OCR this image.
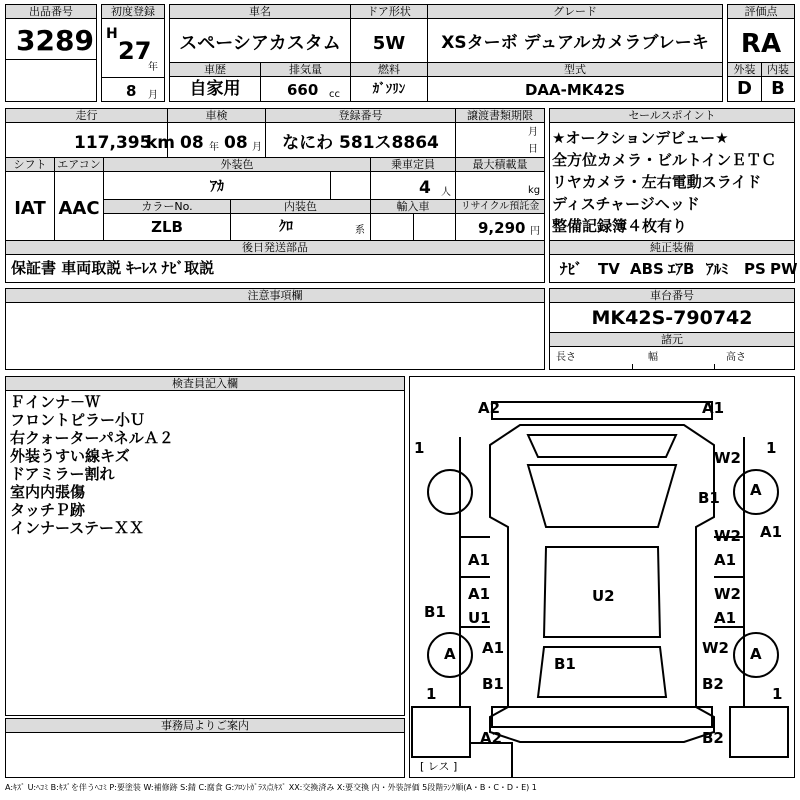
出品番号
3289
初度登録
H
27
年
8 月
車名
スペーシアカスタム
車歴
自家用
排気量
660 cc
ドア形状
5W
燃料
ｶﾞｿﾘﾝ
グレード
XSターボ デュアルカメラブレーキ
型式
DAA-MK42S
評価点
RA
外装
D
内装
B
走行
117,395
km
車検
08 年 08 月
登録番号
なにわ 581ス8864
譲渡書類期限
月
日
シフト
IAT
エアコン
AAC
外装色
ｱｶ
乗車定員
4 人
最大積載量
kg
カラーNo.
ZLB
内装色
ｸﾛ	系
輸入車	リサイクル預託金
9,290 円
後日発送部品
保証書 車両取説 ｷｰﾚｽ ﾅﾋﾞ取説
セールスポイント
★オークションデビュー★
全方位カメラ・ビルトインＥＴＣ
リヤカメラ・左右電動スライド
ディスチャージヘッド
整備記録簿４枚有り
純正装備
ﾅﾋﾞ TV ABS ｴｱB ｱﾙﾐ PS PW
注意事項欄	車台番号
MK42S-790742
諸元
長さ	幅	高さ
検査員記入欄
Ｆインナ－Ｗ
フロントピラー小Ｕ
右クォーターパネルＡ２
外装うすい線キズ
ドアミラー割れ
室内内張傷
タッチＰ跡
インナーステーＸＸ
事務局よりご案内
A2	A1
1	1
W2
A
B1
W2 A1
A1
A1
A1
U1
U2	W2
A1
B1
A A1	A
W2
B1
B1	B2
1	1
A2	B2
[ レス ]
A:ｷｽﾞ U:ﾍｺﾐ B:ｷｽﾞを伴うﾍｺﾐ P:要塗装 W:補修跡 S:錆 C:腐食 G:ﾌﾛﾝﾄｶﾞﾗｽ点ｷｽﾞ XX:交換済み X:要交換 内・外装評価 5段階ﾗﾝｸ順(A・B・C・D・E) 1
